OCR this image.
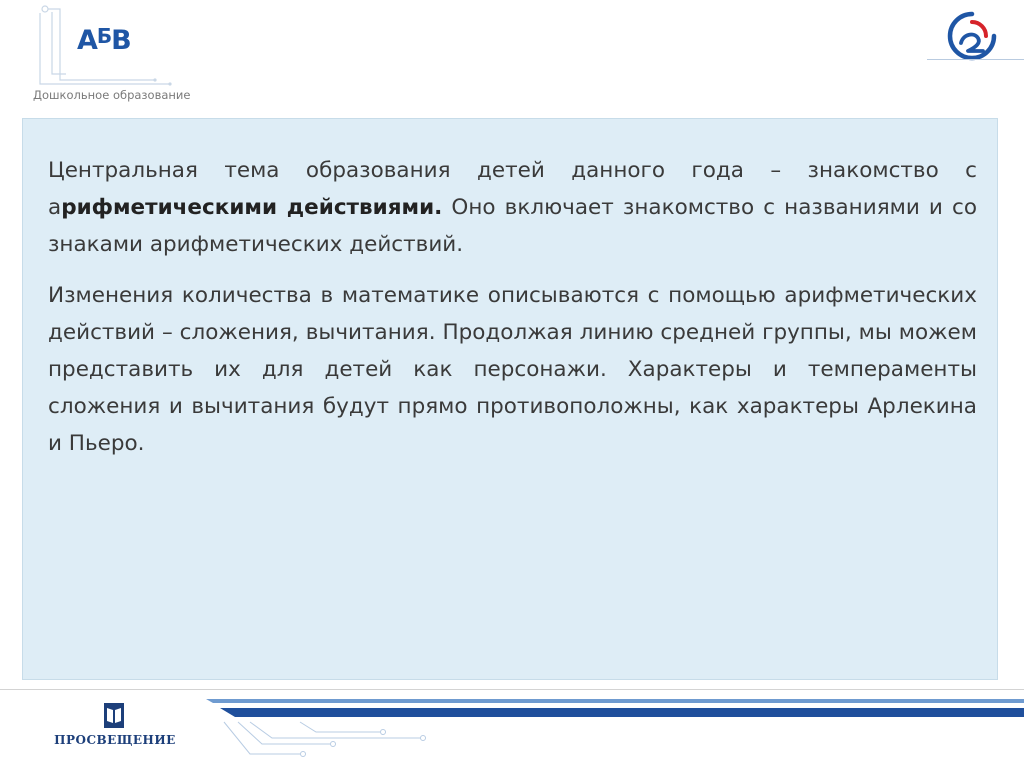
$А^БВ$
Дошкольное образование

Центральная тема образования детей данного года – знакомство с арифметическими действиями. Оно включает знакомство с названиями и со знаками арифметических действий.

Изменения количества в математике описываются с помощью арифметических действий – сложения, вычитания. Продолжая линию средней группы, мы можем представить их для детей как персонажи. Характеры и темпераменты сложения и вычитания будут прямо противоположны, как характеры Арлекина и Пьеро.

ПРОСВЕЩЕНИЕ
